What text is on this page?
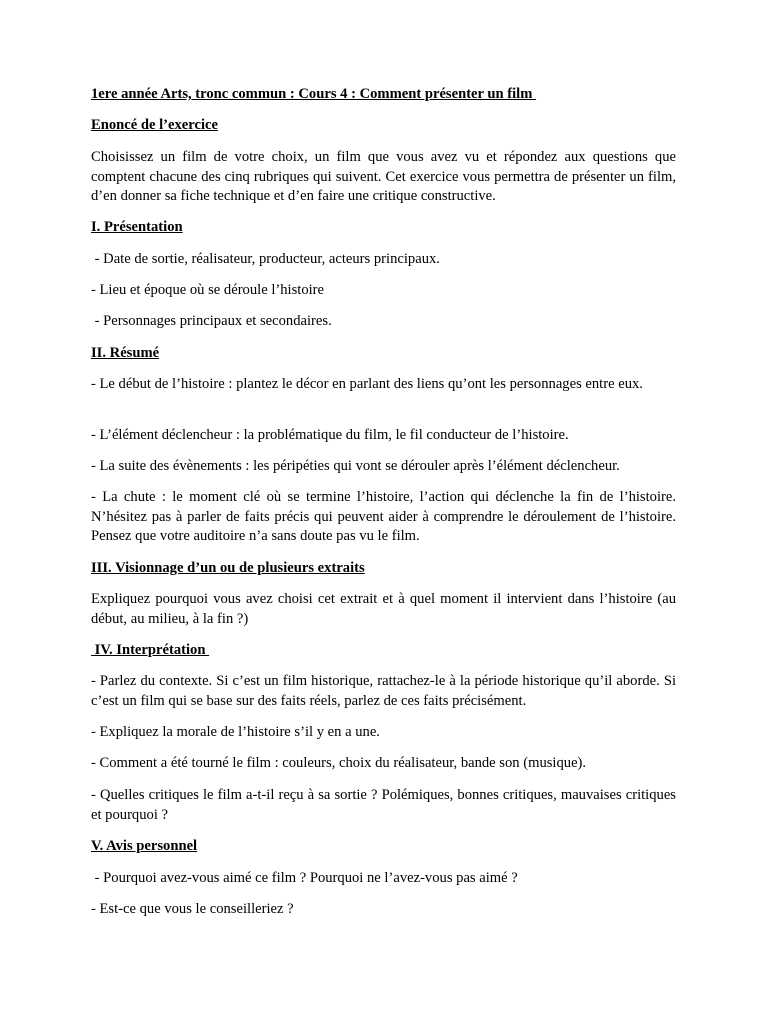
1ere année Arts, tronc commun : Cours 4 : Comment présenter un film

Enoncé de l’exercice

Choisissez un film de votre choix, un film que vous avez vu et répondez aux questions que comptent chacune des cinq rubriques qui suivent. Cet exercice vous permettra de présenter un film, d’en donner sa fiche technique et d’en faire une critique constructive.

I. Présentation

- Date de sortie, réalisateur, producteur, acteurs principaux.

- Lieu et époque où se déroule l’histoire

- Personnages principaux et secondaires.

II. Résumé

- Le début de l’histoire : plantez le décor en parlant des liens qu’ont les personnages entre eux.

- L’élément déclencheur : la problématique du film, le fil conducteur de l’histoire.

- La suite des évènements : les péripéties qui vont se dérouler après l’élément déclencheur.

- La chute : le moment clé où se termine l’histoire, l’action qui déclenche la fin de l’histoire. N’hésitez pas à parler de faits précis qui peuvent aider à comprendre le déroulement de l’histoire. Pensez que votre auditoire n’a sans doute pas vu le film.

III. Visionnage d’un ou de plusieurs extraits

Expliquez pourquoi vous avez choisi cet extrait et à quel moment il intervient dans l’histoire (au début, au milieu, à la fin ?)

IV. Interprétation

- Parlez du contexte. Si c’est un film historique, rattachez-le à la période historique qu’il aborde. Si c’est un film qui se base sur des faits réels, parlez de ces faits précisément.

- Expliquez la morale de l’histoire s’il y en a une.

- Comment a été tourné le film : couleurs, choix du réalisateur, bande son (musique).

- Quelles critiques le film a-t-il reçu à sa sortie ? Polémiques, bonnes critiques, mauvaises critiques et pourquoi ?

V. Avis personnel

- Pourquoi avez-vous aimé ce film ? Pourquoi ne l’avez-vous pas aimé ?

- Est-ce que vous le conseilleriez ?
